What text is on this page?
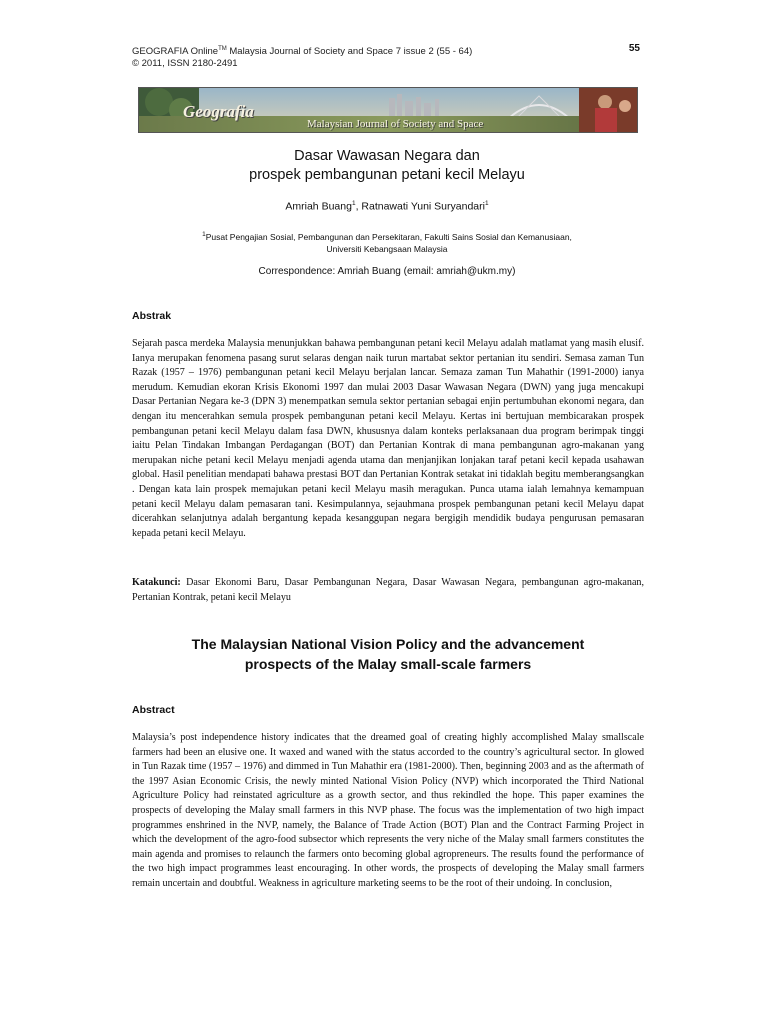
GEOGRAFIA Online™ Malaysia Journal of Society and Space 7 issue 2 (55 - 64)
© 2011, ISSN 2180-2491
55
Geografia
Malaysian Journal of Society and Space
Dasar Wawasan Negara dan
prospek pembangunan petani kecil Melayu
Amriah Buang$^1$, Ratnawati Yuni Suryandari$^1$
$^1$Pusat Pengajian Sosial, Pembangunan dan Persekitaran, Fakulti Sains Sosial dan Kemanusiaan,
Universiti Kebangsaan Malaysia
Correspondence: Amriah Buang (email: amriah@ukm.my)
Abstrak

Sejarah pasca merdeka Malaysia menunjukkan bahawa pembangunan petani kecil Melayu adalah matlamat yang masih elusif. Ianya merupakan fenomena pasang surut selaras dengan naik turun martabat sektor pertanian itu sendiri. Semasa zaman Tun Razak (1957 – 1976) pembangunan petani kecil Melayu berjalan lancar. Semaza zaman Tun Mahathir (1991-2000) ianya merudum. Kemudian ekoran Krisis Ekonomi 1997 dan mulai 2003 Dasar Wawasan Negara (DWN) yang juga mencakupi Dasar Pertanian Negara ke-3 (DPN 3) menempatkan semula sektor pertanian sebagai enjin pertumbuhan ekonomi negara, dan dengan itu mencerahkan semula prospek pembangunan petani kecil Melayu. Kertas ini bertujuan membicarakan prospek pembangunan petani kecil Melayu dalam fasa DWN, khususnya dalam konteks perlaksanaan dua program berimpak tinggi iaitu Pelan Tindakan Imbangan Perdagangan (BOT) dan Pertanian Kontrak di mana pembangunan agro-makanan yang merupakan niche petani kecil Melayu menjadi agenda utama dan menjanjikan lonjakan taraf petani kecil kepada usahawan global. Hasil penelitian mendapati bahawa prestasi BOT dan Pertanian Kontrak setakat ini tidaklah begitu memberangsangkan . Dengan kata lain prospek memajukan petani kecil Melayu masih meragukan. Punca utama ialah lemahnya kemampuan petani kecil Melayu dalam pemasaran tani. Kesimpulannya, sejauhmana prospek pembangunan petani kecil Melayu dapat dicerahkan selanjutnya adalah bergantung kepada kesanggupan negara bergigih mendidik budaya pengurusan pemasaran kepada petani kecil Melayu.

Katakunci: Dasar Ekonomi Baru, Dasar Pembangunan Negara, Dasar Wawasan Negara, pembangunan agro-makanan, Pertanian Kontrak, petani kecil Melayu
The Malaysian National Vision Policy and the advancement
prospects of the Malay small-scale farmers
Abstract

Malaysia’s post independence history indicates that the dreamed goal of creating highly accomplished Malay smallscale farmers had been an elusive one. It waxed and waned with the status accorded to the country’s agricultural sector. In glowed in Tun Razak time (1957 – 1976) and dimmed in Tun Mahathir era (1981-2000). Then, beginning 2003 and as the aftermath of the 1997 Asian Economic Crisis, the newly minted National Vision Policy (NVP) which incorporated the Third National Agriculture Policy had reinstated agriculture as a growth sector, and thus rekindled the hope. This paper examines the prospects of developing the Malay small farmers in this NVP phase. The focus was the implementation of two high impact programmes enshrined in the NVP, namely, the Balance of Trade Action (BOT) Plan and the Contract Farming Project in which the development of the agro-food subsector which represents the very niche of the Malay small farmers constitutes the main agenda and promises to relaunch the farmers onto becoming global agropreneurs. The results found the performance of the two high impact programmes least encouraging. In other words, the prospects of developing the Malay small farmers remain uncertain and doubtful. Weakness in agriculture marketing seems to be the root of their undoing. In conclusion,
